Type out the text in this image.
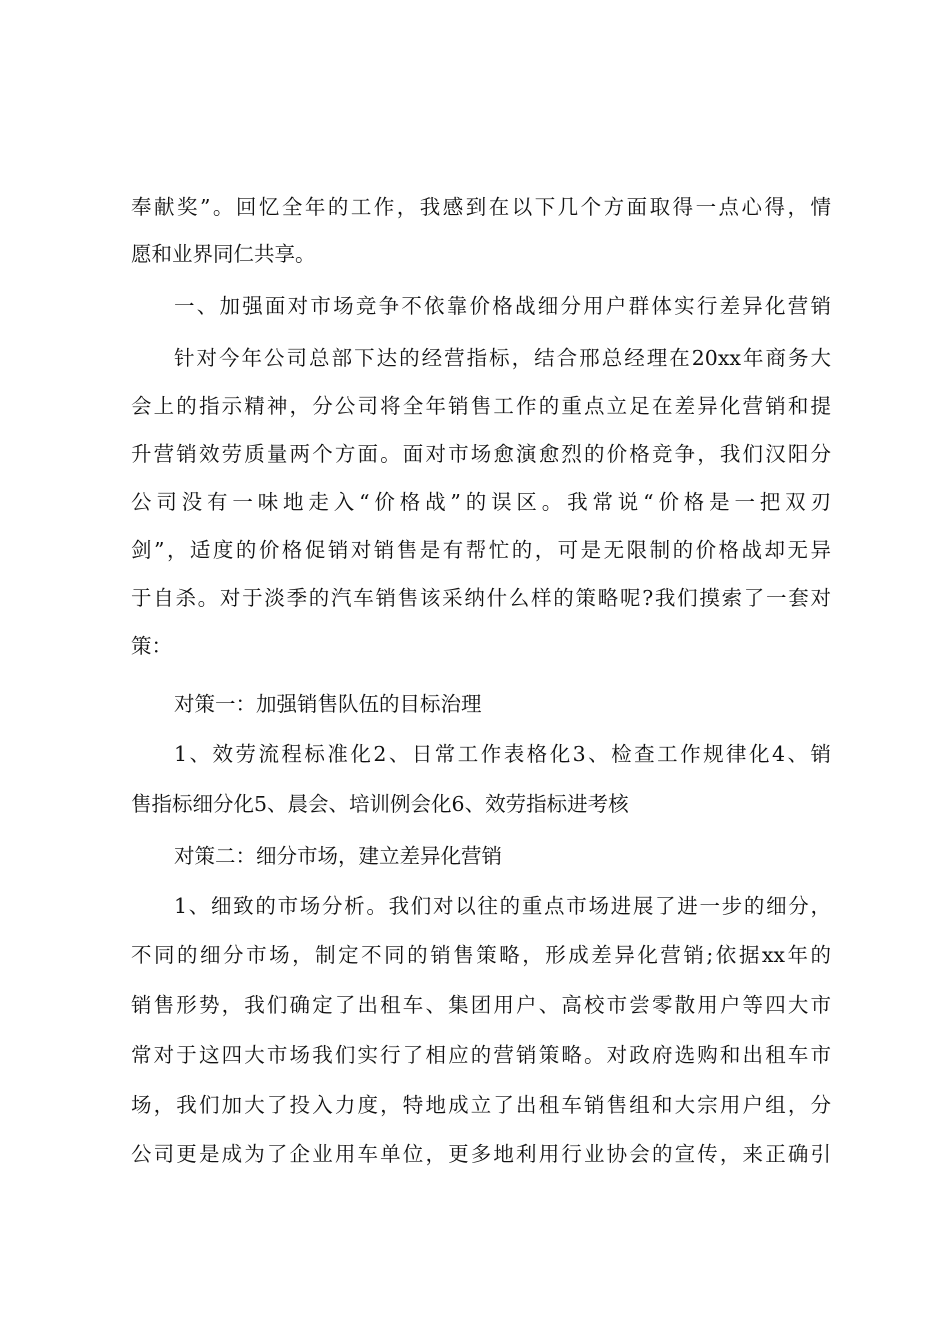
奉献奖”。回忆全年的工作，我感到在以下几个方面取得一点心得，情
愿和业界同仁共享。
一、加强面对市场竞争不依靠价格战细分用户群体实行差异化营销
针对今年公司总部下达的经营指标，结合邢总经理在20xx年商务大
会上的指示精神，分公司将全年销售工作的重点立足在差异化营销和提
升营销效劳质量两个方面。面对市场愈演愈烈的价格竞争，我们汉阳分
公司没有一味地走入“价格战”的误区。我常说“价格是一把双刃
剑”，适度的价格促销对销售是有帮忙的，可是无限制的价格战却无异
于自杀。对于淡季的汽车销售该采纳什么样的策略呢?我们摸索了一套对
策：
对策一：加强销售队伍的目标治理
1、效劳流程标准化2、日常工作表格化3、检查工作规律化4、销
售指标细分化5、晨会、培训例会化6、效劳指标进考核
对策二：细分市场，建立差异化营销
1、细致的市场分析。我们对以往的重点市场进展了进一步的细分，
不同的细分市场，制定不同的销售策略，形成差异化营销;依据xx年的
销售形势，我们确定了出租车、集团用户、高校市尝零散用户等四大市
常对于这四大市场我们实行了相应的营销策略。对政府选购和出租车市
场，我们加大了投入力度，特地成立了出租车销售组和大宗用户组，分
公司更是成为了企业用车单位，更多地利用行业协会的宣传，来正确引
